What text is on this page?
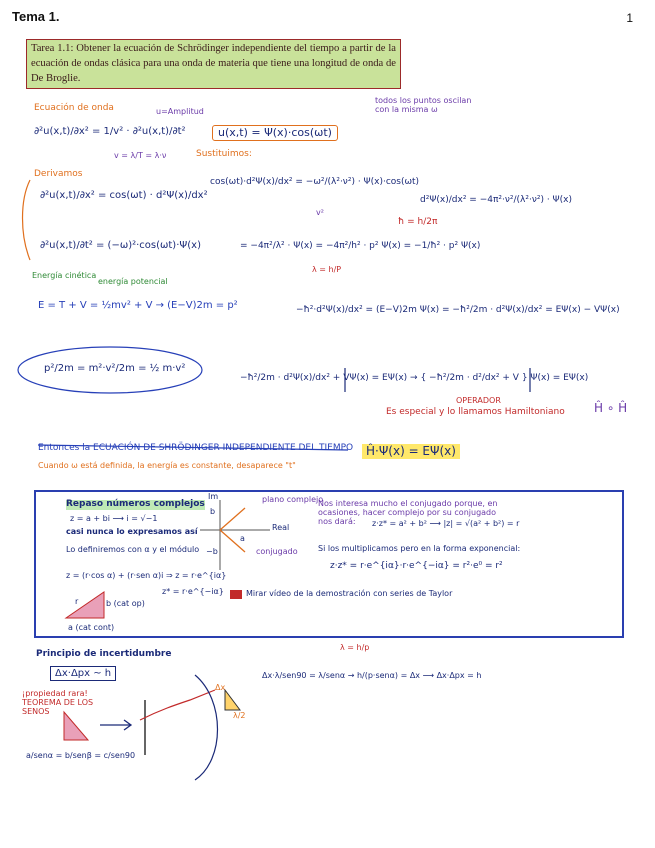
Tema 1.	1
Tarea 1.1: Obtener la ecuación de Schrödinger independiente del tiempo a partir de la ecuación de ondas clásica para una onda de materia que tiene una longitud de onda de De Broglie.
Ecuación de onda	u=Amplitud
todos los puntos oscilan con la misma ω
∂²u(x,t)/∂x² = 1/v² · ∂²u(x,t)/∂t²
v = λ/T = λ·ν
u(x,t) = Ψ(x)·cos(ωt)
Sustituimos:
Derivamos
∂²u(x,t)/∂x² = cos(ωt) · d²Ψ(x)/dx²
∂²u(x,t)/∂t² = (−ω)²·cos(ωt)·Ψ(x)
cos(ωt)·d²Ψ(x)/dx² = −ω²/(λ²·ν²) · Ψ(x)·cos(ωt)
d²Ψ(x)/dx² = −4π²·ν²/(λ²·ν²) · Ψ(x)
v²
ħ = h/2π
= −4π²/λ² · Ψ(x) = −4π²/h² · p² Ψ(x) = −1/ħ² · p² Ψ(x)
λ = h/P
Energía cinética
energía potencial
E = T + V = ½mv² + V → (E−V)2m = p²	−ħ²·d²Ψ(x)/dx² = (E−V)2m Ψ(x) = −ħ²/2m · d²Ψ(x)/dx² = EΨ(x) − VΨ(x)
p²/2m = m²·v²/2m = ½ m·v²
−ħ²/2m · d²Ψ(x)/dx² + VΨ(x) = EΨ(x) → { −ħ²/2m · d²/dx² + V } Ψ(x) = EΨ(x)
OPERADOR
Es especial y lo llamamos Hamiltoniano Ĥ ∘ Ĥ
Entonces la ECUACIÓN DE SHRÖDINGER INDEPENDIENTE DEL TIEMPO	Ĥ·Ψ(x) = EΨ(x)
Cuando ω está definida, la energía es constante, desaparece "t"
Repaso números complejos
z = a + bi ⟶ i = √−1
casi nunca lo expresamos así
Lo definiremos con α y el módulo
z = (r·cos α) + (r·sen α)i ⇒ z = r·e^{iα}
z* = r·e^{−iα}
r	b (cat op)
a (cat cont)
Im
Real
plano complejo
conjugado
a
b
−b
Nos interesa mucho el conjugado porque, en ocasiones, hacer complejo por su conjugado nos dará:	z·z* = a² + b² ⟶ |z| = √(a² + b²) = r
Si los multiplicamos pero en la forma exponencial:
z·z* = r·e^{iα}·r·e^{−iα} = r²·e⁰ = r²
Mirar vídeo de la demostración con series de Taylor
Principio de incertidumbre
Δx·Δpx ~ h
¡propiedad rara! TEOREMA DE LOS SENOS
a/senα = b/senβ = c/sen90
λ = h/p
Δx·λ/sen90 = λ/senα → h/(p·senα) = Δx ⟶ Δx·Δpx = h
Δx
λ/2
